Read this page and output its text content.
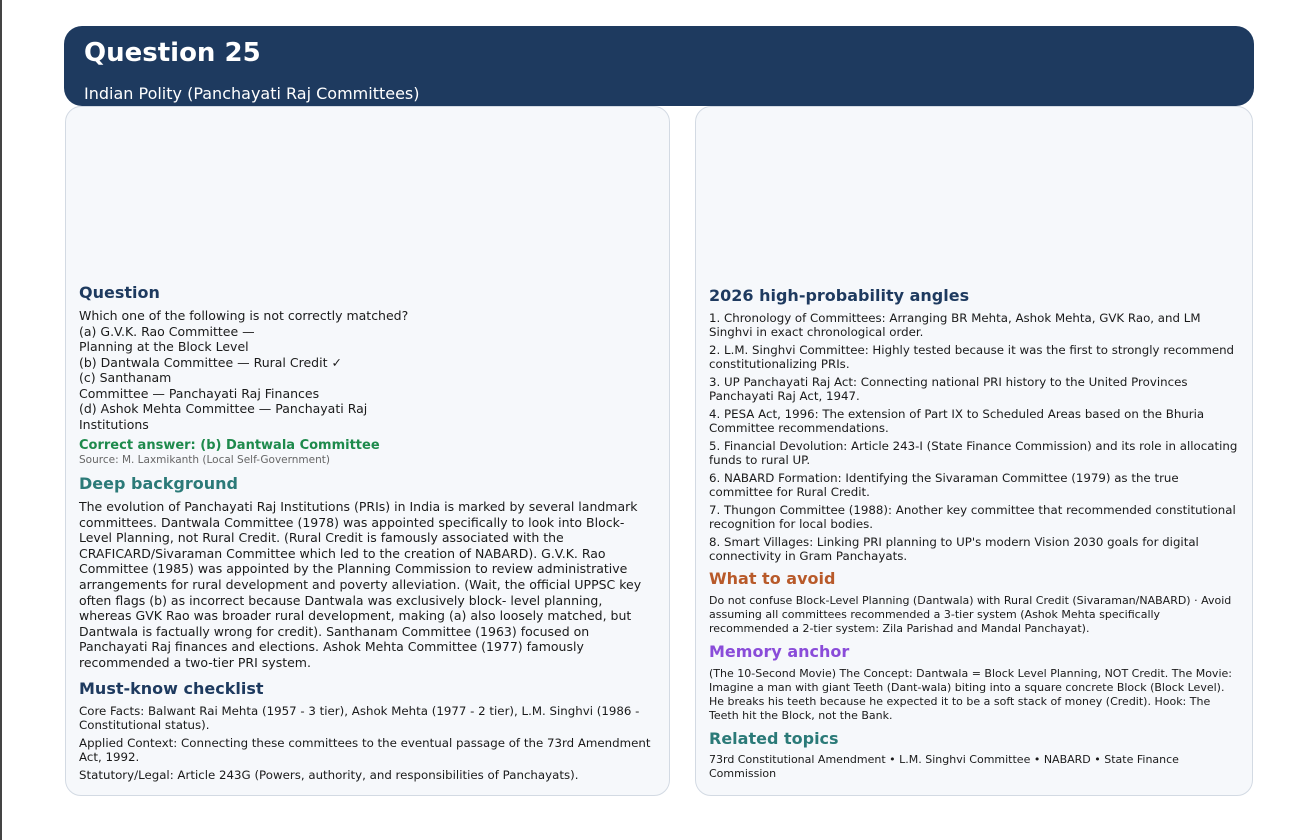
Question 25
Indian Polity (Panchayati Raj Committees)
Question
Which one of the following is not correctly matched?
(a) G.V.K. Rao Committee —
Planning at the Block Level
(b) Dantwala Committee — Rural Credit ✓
(c) Santhanam
Committee — Panchayati Raj Finances
(d) Ashok Mehta Committee — Panchayati Raj
Institutions
Correct answer: (b) Dantwala Committee
Source: M. Laxmikanth (Local Self-Government)
Deep background
The evolution of Panchayati Raj Institutions (PRIs) in India is marked by several landmark committees. Dantwala Committee (1978) was appointed specifically to look into Block-Level Planning, not Rural Credit. (Rural Credit is famously associated with the CRAFICARD/Sivaraman Committee which led to the creation of NABARD). G.V.K. Rao Committee (1985) was appointed by the Planning Commission to review administrative arrangements for rural development and poverty alleviation. (Wait, the official UPPSC key often flags (b) as incorrect because Dantwala was exclusively block- level planning, whereas GVK Rao was broader rural development, making (a) also loosely matched, but Dantwala is factually wrong for credit). Santhanam Committee (1963) focused on Panchayati Raj finances and elections. Ashok Mehta Committee (1977) famously recommended a two-tier PRI system.
Must-know checklist
Core Facts: Balwant Rai Mehta (1957 - 3 tier), Ashok Mehta (1977 - 2 tier), L.M. Singhvi (1986 - Constitutional status).
Applied Context: Connecting these committees to the eventual passage of the 73rd Amendment Act, 1992.
Statutory/Legal: Article 243G (Powers, authority, and responsibilities of Panchayats).
2026 high-probability angles
1. Chronology of Committees: Arranging BR Mehta, Ashok Mehta, GVK Rao, and LM Singhvi in exact chronological order.
2. L.M. Singhvi Committee: Highly tested because it was the first to strongly recommend constitutionalizing PRIs.
3. UP Panchayati Raj Act: Connecting national PRI history to the United Provinces Panchayati Raj Act, 1947.
4. PESA Act, 1996: The extension of Part IX to Scheduled Areas based on the Bhuria Committee recommendations.
5. Financial Devolution: Article 243-I (State Finance Commission) and its role in allocating funds to rural UP.
6. NABARD Formation: Identifying the Sivaraman Committee (1979) as the true committee for Rural Credit.
7. Thungon Committee (1988): Another key committee that recommended constitutional recognition for local bodies.
8. Smart Villages: Linking PRI planning to UP's modern Vision 2030 goals for digital connectivity in Gram Panchayats.
What to avoid
Do not confuse Block-Level Planning (Dantwala) with Rural Credit (Sivaraman/NABARD) · Avoid assuming all committees recommended a 3-tier system (Ashok Mehta specifically recommended a 2-tier system: Zila Parishad and Mandal Panchayat).
Memory anchor
(The 10-Second Movie) The Concept: Dantwala = Block Level Planning, NOT Credit. The Movie: Imagine a man with giant Teeth (Dant-wala) biting into a square concrete Block (Block Level). He breaks his teeth because he expected it to be a soft stack of money (Credit). Hook: The Teeth hit the Block, not the Bank.
Related topics
73rd Constitutional Amendment • L.M. Singhvi Committee • NABARD • State Finance Commission
